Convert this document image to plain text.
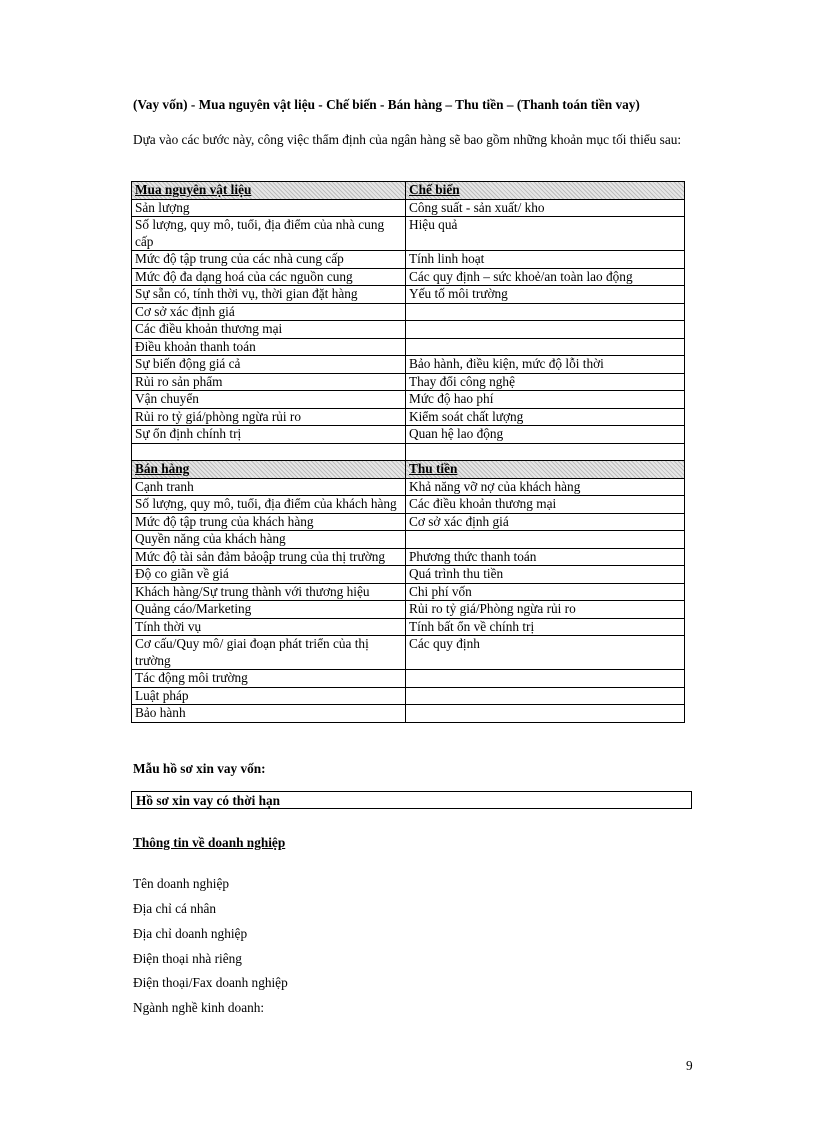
(Vay vốn) - Mua nguyên vật liệu - Chế biến - Bán hàng – Thu tiền – (Thanh toán tiền vay)
Dựa vào các bước này, công việc thẩm định của ngân hàng sẽ bao gồm những khoản mục tối thiểu sau:
Mua nguyên vật liệu	Chế biến
Sản lượng	Công suất - sản xuất/ kho
Số lượng, quy mô, tuổi, địa điểm của nhà cung cấp	Hiệu quả
Mức độ tập trung của các nhà cung cấp	Tính linh hoạt
Mức độ đa dạng hoá của các nguồn cung	Các quy định – sức khoẻ/an toàn lao động
Sự sẵn có, tính thời vụ, thời gian đặt hàng	Yếu tố môi trường
Cơ sở xác định giá	
Các điều khoản thương mại	
Điều khoản thanh toán	
Sự biến động giá cả	Bảo hành, điều kiện, mức độ lỗi thời
Rủi ro sản phẩm	Thay đổi công nghệ
Vận chuyển	Mức độ hao phí
Rủi ro tỷ giá/phòng ngừa rủi ro	Kiểm soát chất lượng
Sự ổn định chính trị	Quan hệ lao động

Bán hàng	Thu tiền
Cạnh tranh	Khả năng vỡ nợ của khách hàng
Số lượng, quy mô, tuổi, địa điểm của khách hàng	Các điều khoản thương mại
Mức độ tập trung của khách hàng	Cơ sở xác định giá
Quyền năng của khách hàng	
Mức độ tài sản đảm bảoập trung của thị trường	Phương thức thanh toán
Độ co giãn về giá	Quá trình thu tiền
Khách hàng/Sự trung thành với thương hiệu	Chi phí vốn
Quảng cáo/Marketing	Rủi ro tỷ giá/Phòng ngừa rủi ro
Tính thời vụ	Tính bất ổn về chính trị
Cơ cấu/Quy mô/ giai đoạn phát triển của thị trường	Các quy định
Tác động môi trường	
Luật pháp	
Bảo hành	
Mẫu hồ sơ xin vay vốn:
Hồ sơ xin vay có thời hạn
Thông tin về doanh nghiệp
Tên doanh nghiệp
Địa chỉ cá nhân
Địa chỉ doanh nghiệp
Điện thoại nhà riêng
Điện thoại/Fax doanh nghiệp
Ngành nghề kinh doanh:
9
